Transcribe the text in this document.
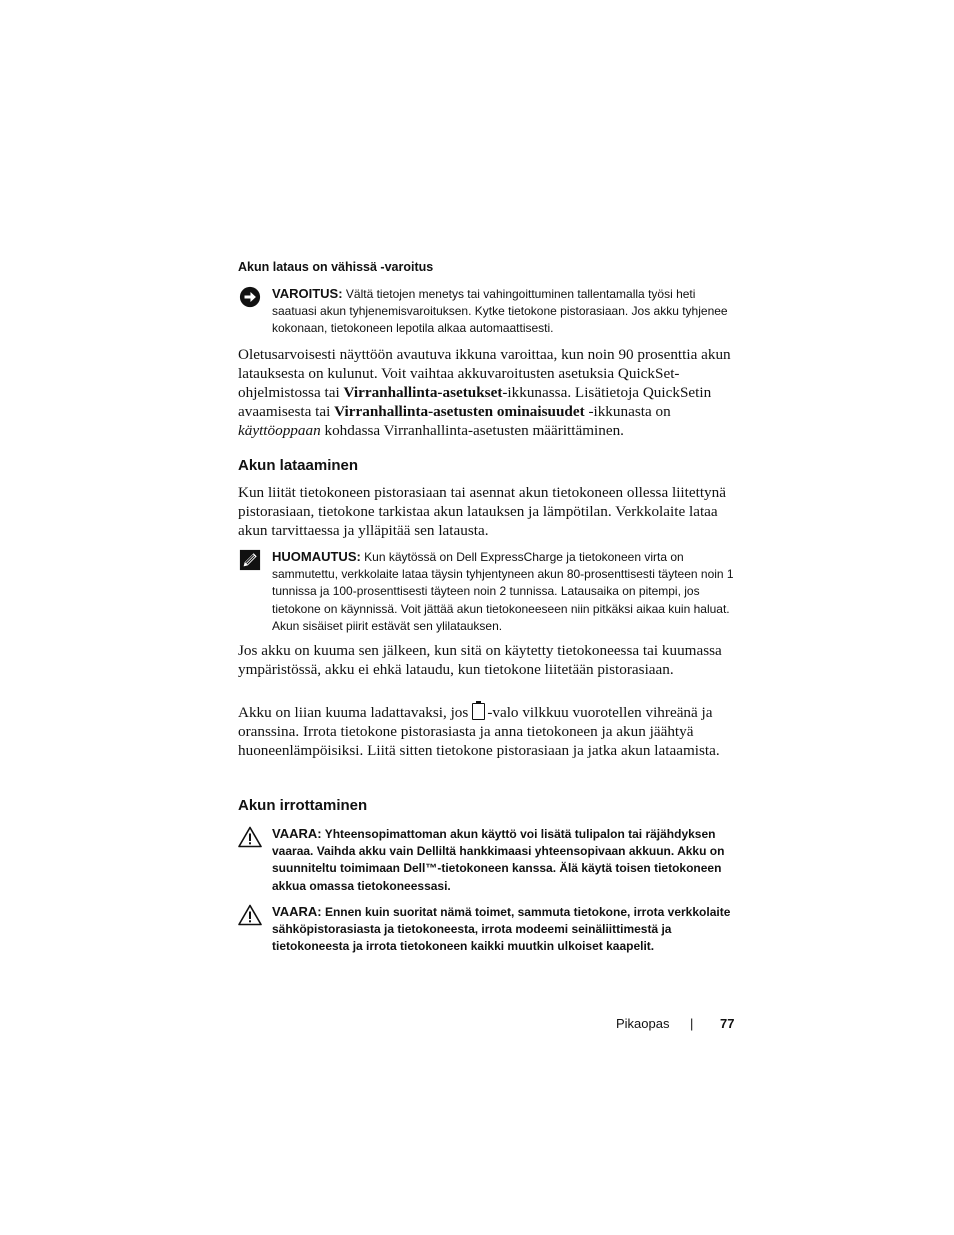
Akun lataus on vähissä -varoitus
VAROITUS: Vältä tietojen menetys tai vahingoittuminen tallentamalla työsi heti saatuasi akun tyhjenemisvaroituksen. Kytke tietokone pistorasiaan. Jos akku tyhjenee kokonaan, tietokoneen lepotila alkaa automaattisesti.
Oletusarvoisesti näyttöön avautuva ikkuna varoittaa, kun noin 90 prosenttia akun latauksesta on kulunut. Voit vaihtaa akkuvaroitusten asetuksia QuickSet-ohjelmistossa tai Virranhallinta-asetukset-ikkunassa. Lisätietoja QuickSetin avaamisesta tai Virranhallinta-asetusten ominaisuudet -ikkunasta on käyttöoppaan kohdassa Virranhallinta-asetusten määrittäminen.
Akun lataaminen
Kun liität tietokoneen pistorasiaan tai asennat akun tietokoneen ollessa liitettynä pistorasiaan, tietokone tarkistaa akun latauksen ja lämpötilan. Verkkolaite lataa akun tarvittaessa ja ylläpitää sen latausta.
HUOMAUTUS: Kun käytössä on Dell ExpressCharge ja tietokoneen virta on sammutettu, verkkolaite lataa täysin tyhjentyneen akun 80-prosenttisesti täyteen noin 1 tunnissa ja 100-prosenttisesti täyteen noin 2 tunnissa. Latausaika on pitempi, jos tietokone on käynnissä. Voit jättää akun tietokoneeseen niin pitkäksi aikaa kuin haluat. Akun sisäiset piirit estävät sen ylilatauksen.
Jos akku on kuuma sen jälkeen, kun sitä on käytetty tietokoneessa tai kuumassa ympäristössä, akku ei ehkä lataudu, kun tietokone liitetään pistorasiaan.
Akku on liian kuuma ladattavaksi, jos -valo vilkkuu vuorotellen vihreänä ja oranssina. Irrota tietokone pistorasiasta ja anna tietokoneen ja akun jäähtyä huoneenlämpöisiksi. Liitä sitten tietokone pistorasiaan ja jatka akun lataamista.
Akun irrottaminen
VAARA: Yhteensopimattoman akun käyttö voi lisätä tulipalon tai räjähdyksen vaaraa. Vaihda akku vain Delliltä hankkimaasi yhteensopivaan akkuun. Akku on suunniteltu toimimaan Dell™-tietokoneen kanssa. Älä käytä toisen tietokoneen akkua omassa tietokoneessasi.
VAARA: Ennen kuin suoritat nämä toimet, sammuta tietokone, irrota verkkolaite sähköpistorasiasta ja tietokoneesta, irrota modeemi seinäliittimestä ja tietokoneesta ja irrota tietokoneen kaikki muutkin ulkoiset kaapelit.
Pikaopas | 77
